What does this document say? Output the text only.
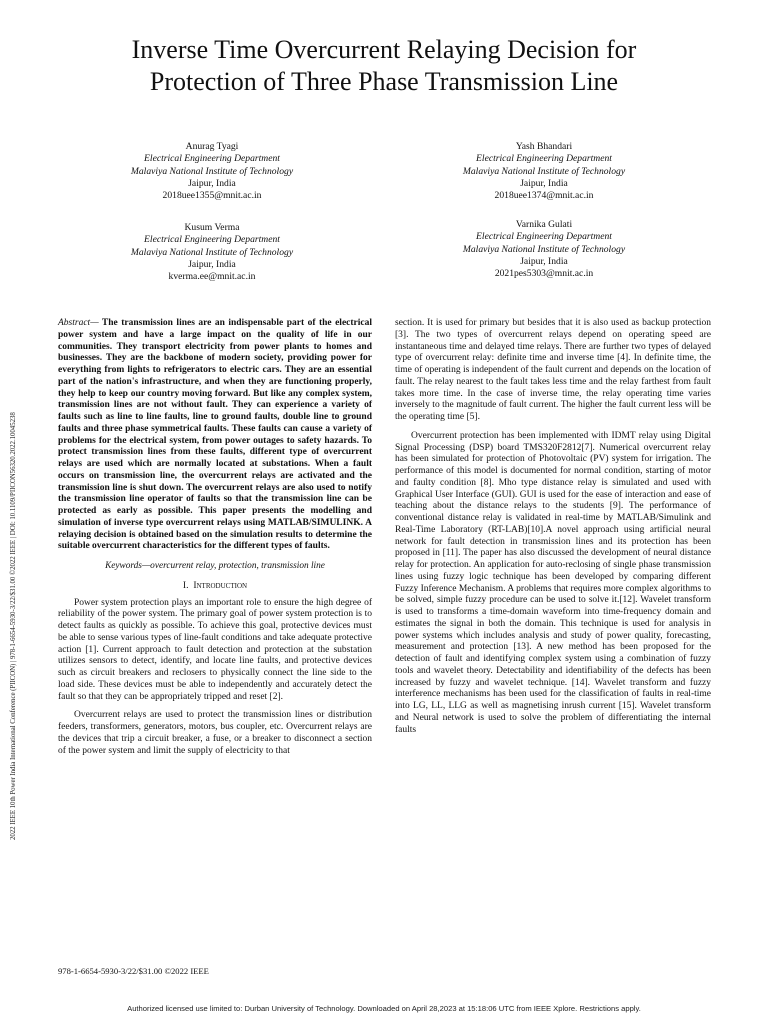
2022 IEEE 10th Power India International Conference (PIICON) | 978-1-6654-5930-3/22/$31.00 ©2022 IEEE | DOI: 10.1109/PIICON56320.2022.10045238
Inverse Time Overcurrent Relaying Decision for
Protection of Three Phase Transmission Line
Anurag Tyagi
Electrical Engineering Department
Malaviya National Institute of Technology
Jaipur, India
2018uee1355@mnit.ac.in
Yash Bhandari
Electrical Engineering Department
Malaviya National Institute of Technology
Jaipur, India
2018uee1374@mnit.ac.in
Kusum Verma
Electrical Engineering Department
Malaviya National Institute of Technology
Jaipur, India
kverma.ee@mnit.ac.in
Varnika Gulati
Electrical Engineering Department
Malaviya National Institute of Technology
Jaipur, India
2021pes5303@mnit.ac.in

Abstract— The transmission lines are an indispensable part of the electrical power system and have a large impact on the quality of life in our communities. They transport electricity from power plants to homes and businesses. They are the backbone of modern society, providing power for everything from lights to refrigerators to electric cars. They are an essential part of the nation's infrastructure, and when they are functioning properly, they help to keep our country moving forward. But like any complex system, transmission lines are not without fault. They can experience a variety of faults such as line to line faults, line to ground faults, double line to ground faults and three phase symmetrical faults. These faults can cause a variety of problems for the electrical system, from power outages to safety hazards. To protect transmission lines from these faults, different type of overcurrent relays are used which are normally located at substations. When a fault occurs on transmission line, the overcurrent relays are activated and the transmission line is shut down. The overcurrent relays are also used to notify the transmission line operator of faults so that the transmission line can be protected as early as possible. This paper presents the modelling and simulation of inverse type overcurrent relays using MATLAB/SIMULINK. A relaying decision is obtained based on the simulation results to determine the suitable overcurrent characteristics for the different types of faults.

Keywords—overcurrent relay, protection, transmission line

I. Introduction

Power system protection plays an important role to ensure the high degree of reliability of the power system. The primary goal of power system protection is to detect faults as quickly as possible. To achieve this goal, protective devices must be able to sense various types of line-fault conditions and take adequate protective action [1]. Current approach to fault detection and protection at the substation utilizes sensors to detect, identify, and locate line faults, and protective devices such as circuit breakers and reclosers to physically connect the line side to the load side. These devices must be able to independently and accurately detect the fault so that they can be appropriately tripped and reset [2].

Overcurrent relays are used to protect the transmission lines or distribution feeders, transformers, generators, motors, bus coupler, etc. Overcurrent relays are the devices that trip a circuit breaker, a fuse, or a breaker to disconnect a section of the power system and limit the supply of electricity to that

section. It is used for primary but besides that it is also used as backup protection [3]. The two types of overcurrent relays depend on operating speed are instantaneous time and delayed time relays. There are further two types of delayed type of overcurrent relay: definite time and inverse time [4]. In definite time, the time of operating is independent of the fault current and depends on the location of fault. The relay nearest to the fault takes less time and the relay farthest from fault takes more time. In the case of inverse time, the relay operating time varies inversely to the magnitude of fault current. The higher the fault current less will be the operating time [5].

Overcurrent protection has been implemented with IDMT relay using Digital Signal Processing (DSP) board TMS320F2812[7]. Numerical overcurrent relay has been simulated for protection of Photovoltaic (PV) system for irrigation. The performance of this model is documented for normal condition, starting of motor and faulty condition [8]. Mho type distance relay is simulated and used with Graphical User Interface (GUI). GUI is used for the ease of interaction and ease of teaching about the distance relays to the students [9]. The performance of conventional distance relay is validated in real-time by MATLAB/Simulink and Real-Time Laboratory (RT-LAB)[10].A novel approach using artificial neural network for fault detection in transmission lines and its protection has been proposed in [11]. The paper has also discussed the development of neural distance relay for protection. An application for auto-reclosing of single phase transmission lines using fuzzy logic technique has been developed by comparing different Fuzzy Inference Mechanism. A problems that requires more complex algorithms to be solved, simple fuzzy procedure can be used to solve it.[12]. Wavelet transform is used to transforms a time-domain waveform into time-frequency domain and estimates the signal in both the domain. This technique is used for analysis in power systems which includes analysis and study of power quality, forecasting, measurement and protection [13]. A new method has been proposed for the detection of fault and identifying complex system using a combination of fuzzy tools and wavelet theory. Detectability and identifiability of the defects has been increased by fuzzy and wavelet technique. [14]. Wavelet transform and fuzzy interference mechanisms has been used for the classification of faults in real-time into LG, LL, LLG as well as magnetising inrush current [15]. Wavelet transform and Neural network is used to solve the problem of differentiating the internal faults

978-1-6654-5930-3/22/$31.00 ©2022 IEEE
Authorized licensed use limited to: Durban University of Technology. Downloaded on April 28,2023 at 15:18:06 UTC from IEEE Xplore. Restrictions apply.
